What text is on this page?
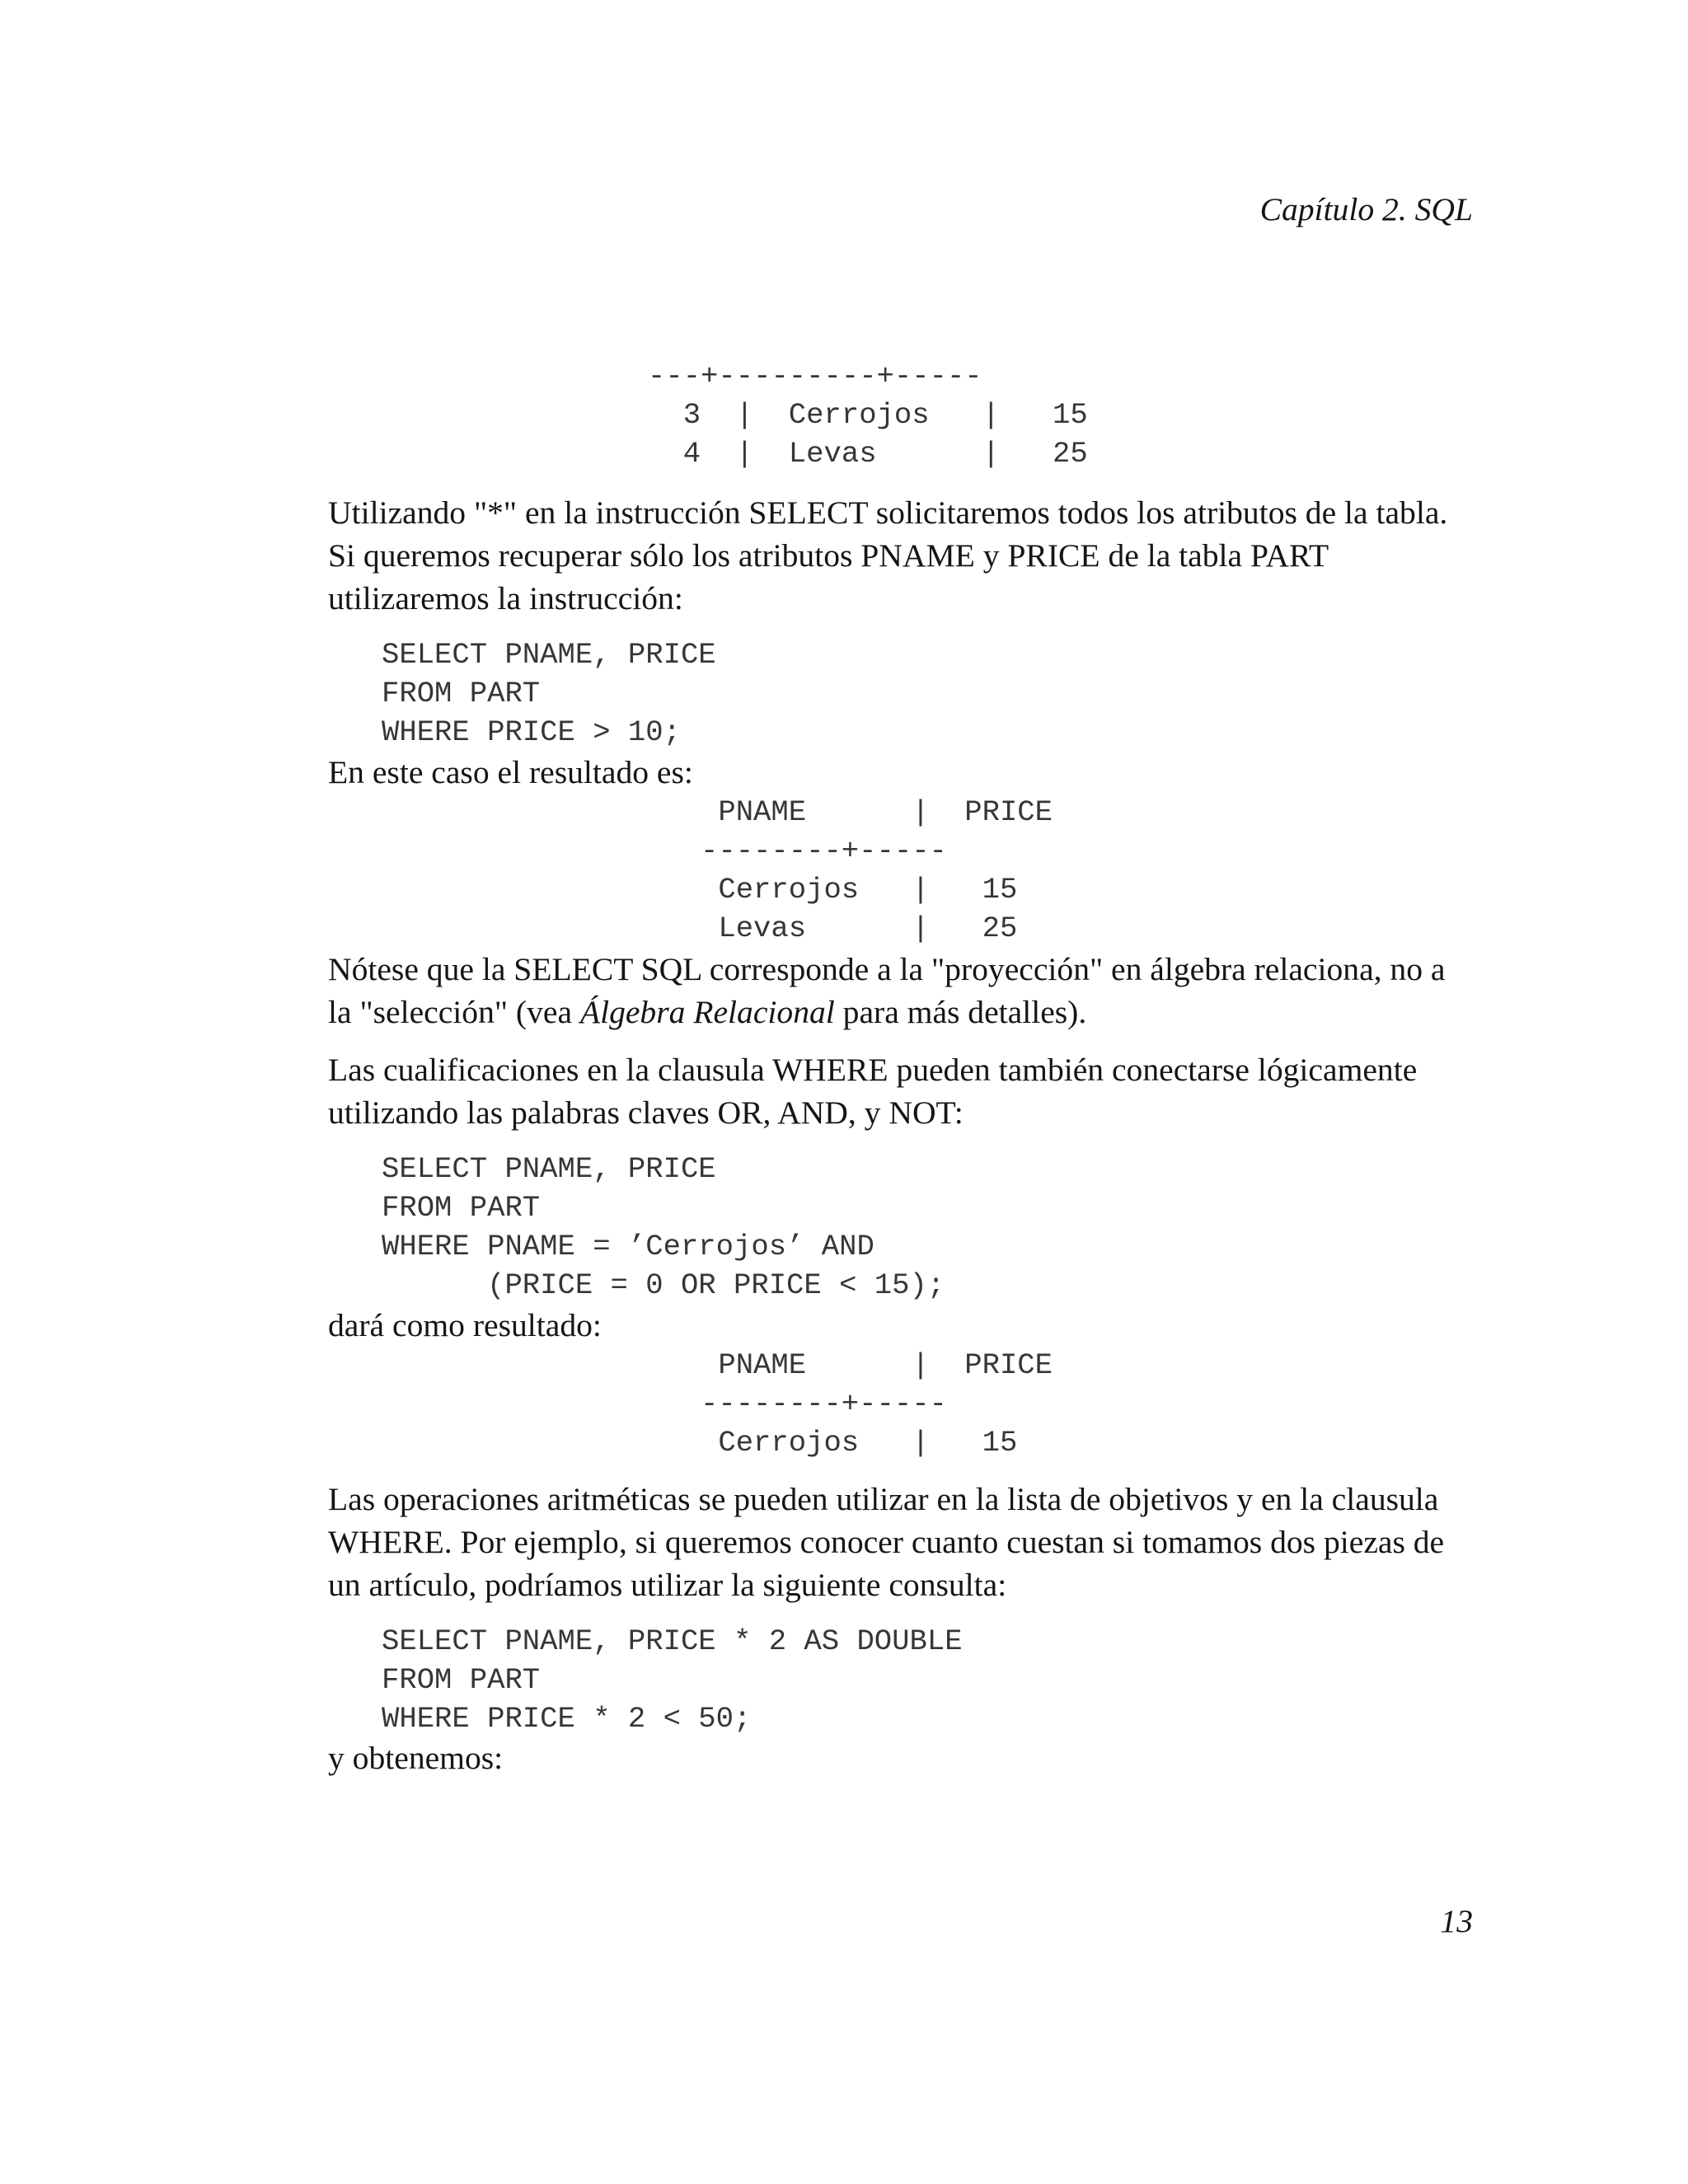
Capítulo 2. SQL
---+---------+-----
3  |  Cerrojos   |   15
4  |  Levas      |   25
Utilizando "*" en la instrucción SELECT solicitaremos todos los atributos de la tabla.
Si queremos recuperar sólo los atributos PNAME y PRICE de la tabla PART
utilizaremos la instrucción:
SELECT PNAME, PRICE
FROM PART
WHERE PRICE > 10;
En este caso el resultado es:
PNAME      |  PRICE
--------+-----
Cerrojos   |   15
Levas      |   25
Nótese que la SELECT SQL corresponde a la "proyección" en álgebra relaciona, no a
la "selección" (vea Álgebra Relacional para más detalles).
Las cualificaciones en la clausula WHERE pueden también conectarse lógicamente
utilizando las palabras claves OR, AND, y NOT:
SELECT PNAME, PRICE
FROM PART
WHERE PNAME = ’Cerrojos’ AND
(PRICE = 0 OR PRICE < 15);
dará como resultado:
PNAME      |  PRICE
--------+-----
Cerrojos   |   15
Las operaciones aritméticas se pueden utilizar en la lista de objetivos y en la clausula
WHERE. Por ejemplo, si queremos conocer cuanto cuestan si tomamos dos piezas de
un artículo, podríamos utilizar la siguiente consulta:
SELECT PNAME, PRICE * 2 AS DOUBLE
FROM PART
WHERE PRICE * 2 < 50;
y obtenemos:
13
